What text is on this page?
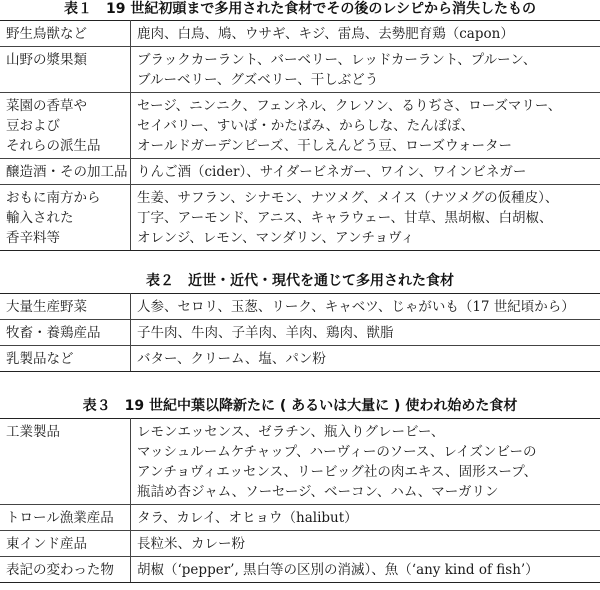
表１　19 世紀初頭まで多用された食材でその後のレシピから消失したもの
野生鳥獣など	鹿肉、白鳥、鳩、ウサギ、キジ、雷鳥、去勢肥育鶏（capon）

山野の漿果類	ブラックカーラント、バーベリー、レッドカーラント、プルーン、
ブルーベリー、グズベリー、干しぶどう

菜園の香草や
豆および
それらの派生品	セージ、ニンニク、フェンネル、クレソン、るりぢさ、ローズマリー、
セイバリー、すいば・かたばみ、からしな、たんぽぽ、
オールドガーデンピーズ、干しえんどう豆、ローズウォーター

醸造酒・その加工品	りんご酒（cider）、サイダービネガー、ワイン、ワインビネガー

おもに南方から
輸入された
香辛料等	生姜、サフラン、シナモン、ナツメグ、メイス（ナツメグの仮種皮）、
丁字、アーモンド、アニス、キャラウェー、甘草、黒胡椒、白胡椒、
オレンジ、レモン、マンダリン、アンチョヴィ
表２　近世・近代・現代を通じて多用された食材
大量生産野菜	人参、セロリ、玉葱、リーク、キャベツ、じゃがいも（17 世紀頃から）

牧畜・養鶏産品	子牛肉、牛肉、子羊肉、羊肉、鶏肉、獣脂

乳製品など	バター、クリーム、塩、パン粉
表３　19 世紀中葉以降新たに ( あるいは大量に ) 使われ始めた食材
工業製品	レモンエッセンス、ゼラチン、瓶入りグレービー、
マッシュルームケチャップ、ハーヴィーのソース、レイズンビーの
アンチョヴィエッセンス、リービッグ社の肉エキス、固形スープ、
瓶詰め杏ジャム、ソーセージ、ベーコン、ハム、マーガリン

トロール漁業産品	タラ、カレイ、オヒョウ（halibut）

東インド産品	長粒米、カレー粉

表記の変わった物	胡椒（‘pepper’, 黒白等の区別の消滅）、魚（‘any kind of fish’）
